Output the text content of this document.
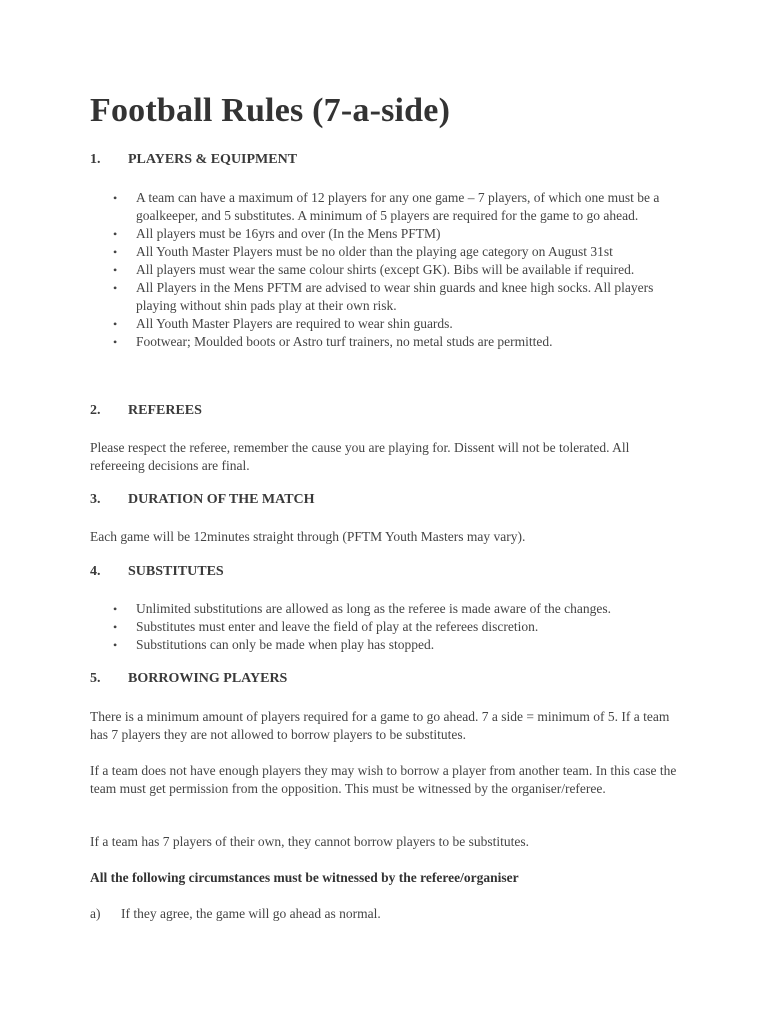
Football Rules (7-a-side)
1. PLAYERS & EQUIPMENT
• A team can have a maximum of 12 players for any one game – 7 players, of which one must be a goalkeeper, and 5 substitutes. A minimum of 5 players are required for the game to go ahead.
• All players must be 16yrs and over (In the Mens PFTM)
• All Youth Master Players must be no older than the playing age category on August 31st
• All players must wear the same colour shirts (except GK). Bibs will be available if required.
• All Players in the Mens PFTM are advised to wear shin guards and knee high socks. All players playing without shin pads play at their own risk.
• All Youth Master Players are required to wear shin guards.
• Footwear; Moulded boots or Astro turf trainers, no metal studs are permitted.
2. REFEREES

Please respect the referee, remember the cause you are playing for. Dissent will not be tolerated. All refereeing decisions are final.

3. DURATION OF THE MATCH

Each game will be 12minutes straight through (PFTM Youth Masters may vary).

4. SUBSTITUTES
• Unlimited substitutions are allowed as long as the referee is made aware of the changes.
• Substitutes must enter and leave the field of play at the referees discretion.
• Substitutions can only be made when play has stopped.
5. BORROWING PLAYERS

There is a minimum amount of players required for a game to go ahead. 7 a side = minimum of 5. If a team has 7 players they are not allowed to borrow players to be substitutes.

If a team does not have enough players they may wish to borrow a player from another team. In this case the team must get permission from the opposition. This must be witnessed by the organiser/referee.

If a team has 7 players of their own, they cannot borrow players to be substitutes.

All the following circumstances must be witnessed by the referee/organiser

a) If they agree, the game will go ahead as normal.
